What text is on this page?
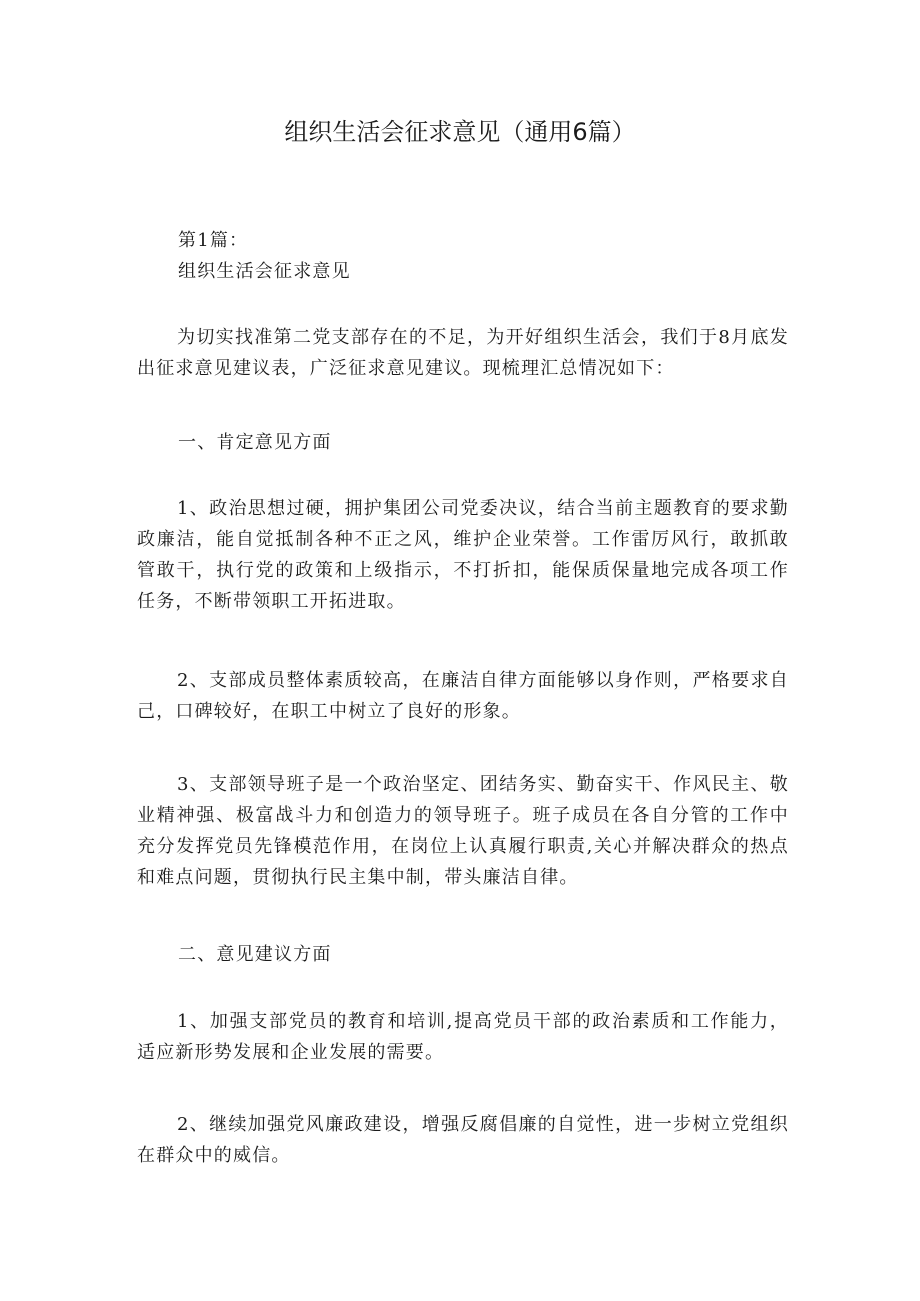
组织生活会征求意见（通用6篇）

第1篇：

组织生活会征求意见

为切实找准第二党支部存在的不足，为开好组织生活会，我们于8月底发出征求意见建议表，广泛征求意见建议。现梳理汇总情况如下：

一、肯定意见方面

1、政治思想过硬，拥护集团公司党委决议，结合当前主题教育的要求勤政廉洁，能自觉抵制各种不正之风，维护企业荣誉。工作雷厉风行，敢抓敢管敢干，执行党的政策和上级指示，不打折扣，能保质保量地完成各项工作任务，不断带领职工开拓进取。

2、支部成员整体素质较高，在廉洁自律方面能够以身作则，严格要求自己，口碑较好，在职工中树立了良好的形象。

3、支部领导班子是一个政治坚定、团结务实、勤奋实干、作风民主、敬业精神强、极富战斗力和创造力的领导班子。班子成员在各自分管的工作中充分发挥党员先锋模范作用，在岗位上认真履行职责,关心并解决群众的热点和难点问题，贯彻执行民主集中制，带头廉洁自律。

二、意见建议方面

1、加强支部党员的教育和培训,提高党员干部的政治素质和工作能力，适应新形势发展和企业发展的需要。

2、继续加强党风廉政建设，增强反腐倡廉的自觉性，进一步树立党组织在群众中的威信。
